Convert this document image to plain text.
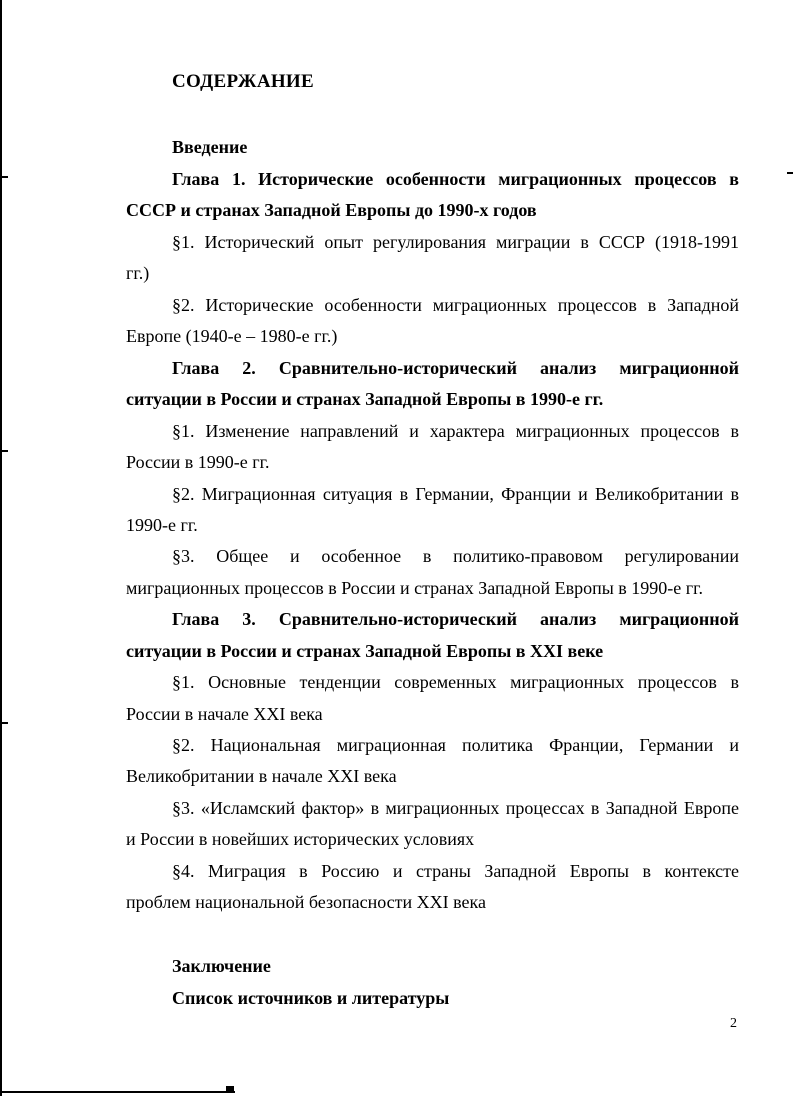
СОДЕРЖАНИЕ

Введение

Глава 1. Исторические особенности миграционных процессов в

СССР и странах Западной Европы до 1990-х годов

§1. Исторический опыт регулирования миграции в СССР (1918-1991

гг.)

§2. Исторические особенности миграционных процессов в Западной

Европе (1940-е – 1980-е гг.)

Глава 2. Сравнительно-исторический анализ миграционной

ситуации в России и странах Западной Европы в 1990-е гг.

§1. Изменение направлений и характера миграционных процессов в

России в 1990-е гг.

§2. Миграционная ситуация в Германии, Франции и Великобритании в

1990-е гг.

§3. Общее и особенное в политико-правовом регулировании

миграционных процессов в России и странах Западной Европы в 1990-е гг.

Глава 3. Сравнительно-исторический анализ миграционной

ситуации в России и странах Западной Европы в XXI веке

§1. Основные тенденции современных миграционных процессов в

России в начале XXI века

§2. Национальная миграционная политика Франции, Германии и

Великобритании в начале XXI века

§3. «Исламский фактор» в миграционных процессах в Западной Европе

и России в новейших исторических условиях

§4. Миграция в Россию и страны Западной Европы в контексте

проблем национальной безопасности XXI века

Заключение

Список источников и литературы

2
